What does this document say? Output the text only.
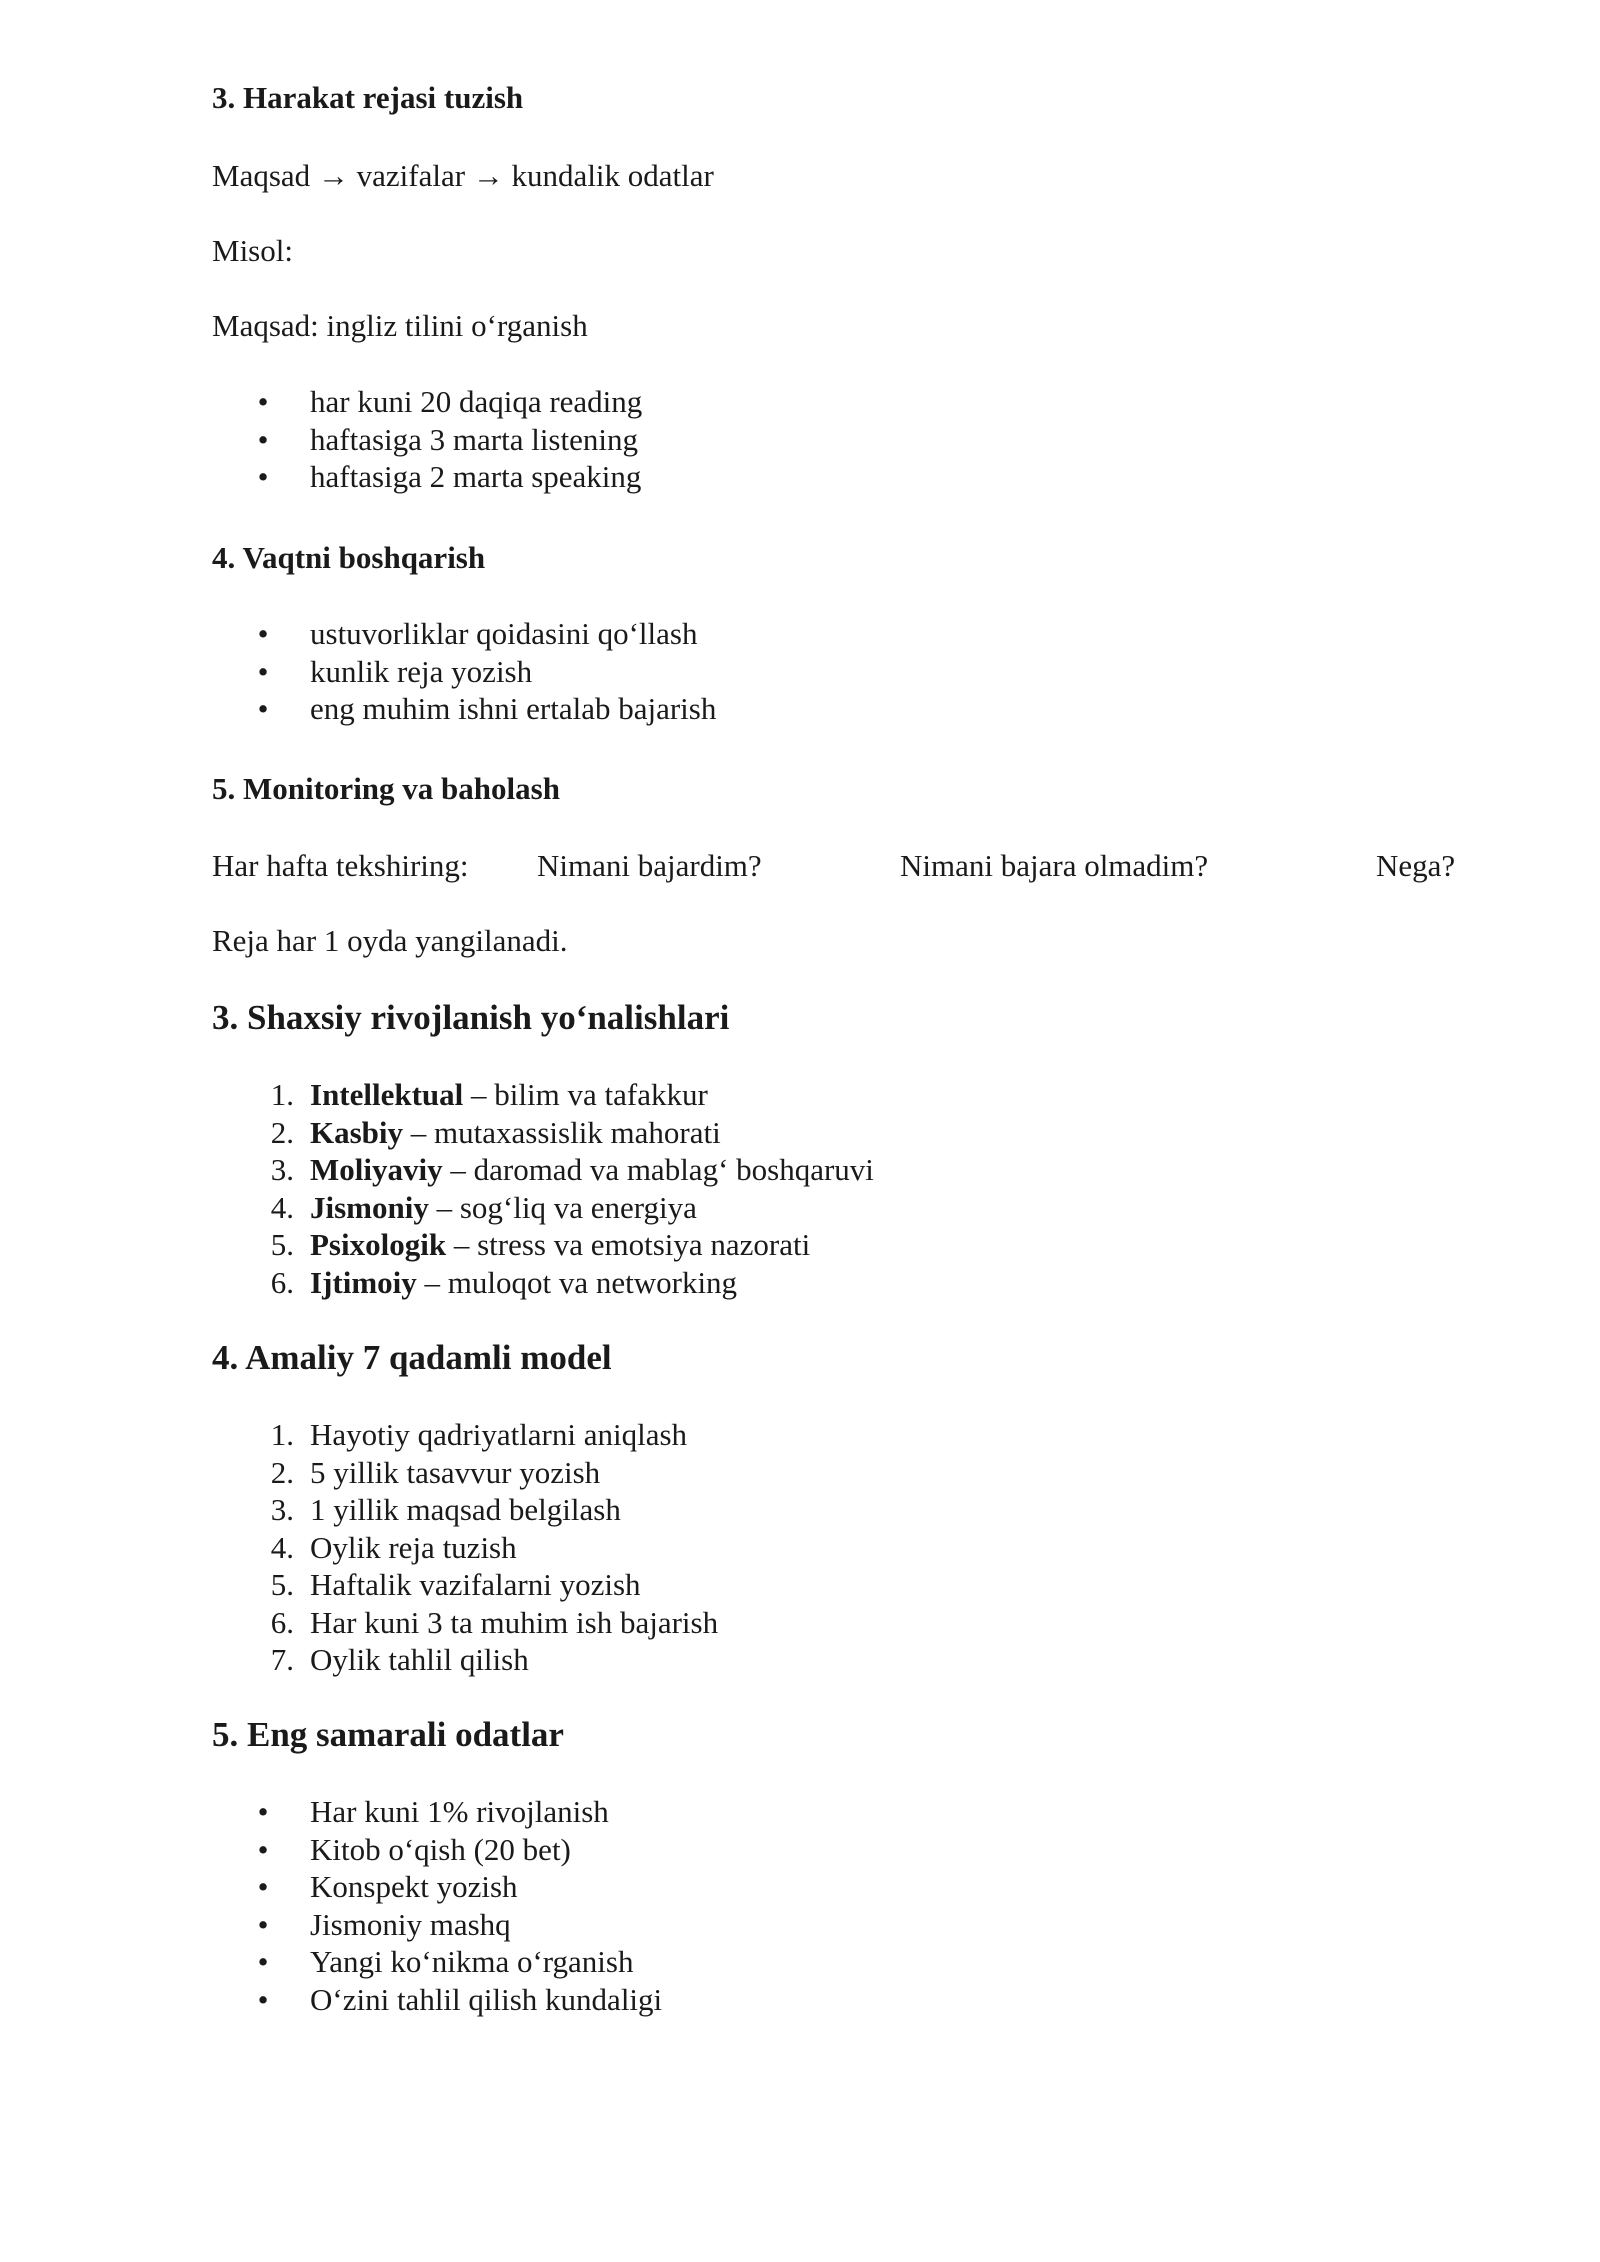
3. Harakat rejasi tuzish

Maqsad → vazifalar → kundalik odatlar

Misol:

Maqsad: ingliz tilini o‘rganish

• har kuni 20 daqiqa reading
• haftasiga 3 marta listening
• haftasiga 2 marta speaking

4. Vaqtni boshqarish

• ustuvorliklar qoidasini qo‘llash
• kunlik reja yozish
• eng muhim ishni ertalab bajarish

5. Monitoring va baholash

Har hafta tekshiring: Nimani bajardim?	Nimani bajara olmadim?	Nega?

Reja har 1 oyda yangilanadi.

3. Shaxsiy rivojlanish yo‘nalishlari

1. Intellektual – bilim va tafakkur
2. Kasbiy – mutaxassislik mahorati
3. Moliyaviy – daromad va mablag‘ boshqaruvi
4. Jismoniy – sog‘liq va energiya
5. Psixologik – stress va emotsiya nazorati
6. Ijtimoiy – muloqot va networking

4. Amaliy 7 qadamli model

1. Hayotiy qadriyatlarni aniqlash
2. 5 yillik tasavvur yozish
3. 1 yillik maqsad belgilash
4. Oylik reja tuzish
5. Haftalik vazifalarni yozish
6. Har kuni 3 ta muhim ish bajarish
7. Oylik tahlil qilish

5. Eng samarali odatlar

• Har kuni 1% rivojlanish
• Kitob o‘qish (20 bet)
• Konspekt yozish
• Jismoniy mashq
• Yangi ko‘nikma o‘rganish
• O‘zini tahlil qilish kundaligi
